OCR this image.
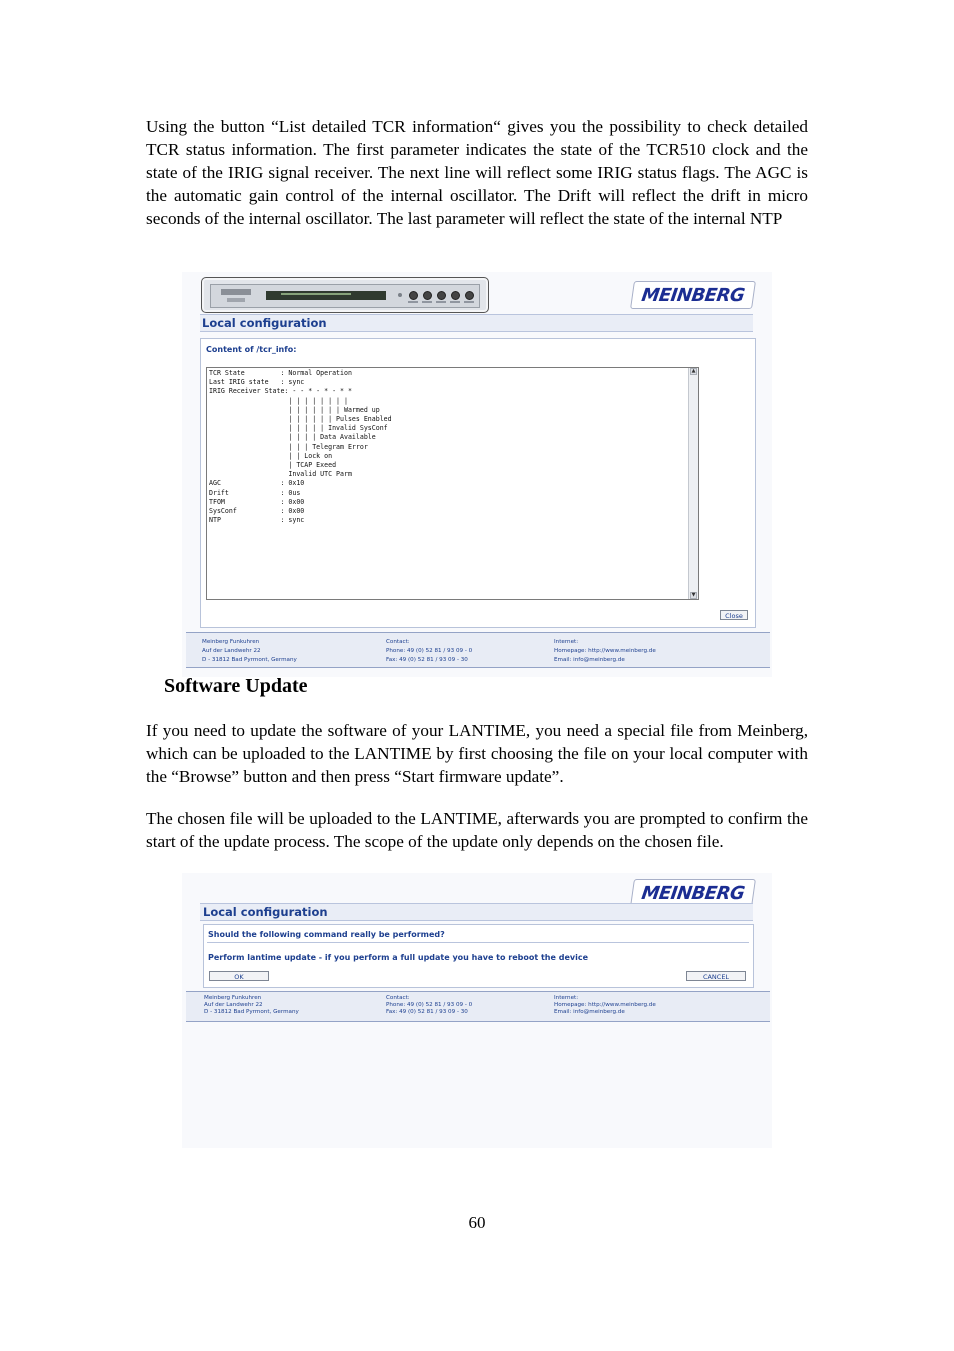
Using the button “List detailed TCR information“ gives you the possibility to check detailed TCR status information. The first parameter indicates the state of the TCR510 clock and the state of the IRIG signal receiver. The next line will reflect some IRIG status flags. The AGC is the automatic gain control of the internal oscillator. The Drift will reflect the drift in micro seconds of the internal oscillator. The last parameter will reflect the state of the internal NTP

MEINBERG
Local configuration
Content of /tcr_info:
TCR State         : Normal Operation
Last IRIG state   : sync
IRIG Receiver State: - - * - * - * *
| | | | | | | |
| | | | | | | Warmed up
| | | | | | Pulses Enabled
| | | | | Invalid SysConf
| | | | Data Available
| | | Telegram Error
| | Lock on
| TCAP Exeed
Invalid UTC Parm
AGC               : 0x10
Drift             : 0us
TFOM              : 0x00
SysConf           : 0x00
NTP               : sync
▲
▼
Close
Meinberg Funkuhren
Auf der Landwehr 22
D - 31812 Bad Pyrmont, Germany
Contact:
Phone: 49 (0) 52 81 / 93 09 - 0
Fax: 49 (0) 52 81 / 93 09 - 30
Internet:
Homepage: http://www.meinberg.de
Email: info@meinberg.de
Software Update

If you need to update the software of your LANTIME, you need a special file from Meinberg, which can be uploaded to the LANTIME by first choosing the file on your local computer with the “Browse” button and then press “Start firmware update”.

The chosen file will be uploaded to the LANTIME, afterwards you are prompted to confirm the start of the update process. The scope of the update only depends on the chosen file.

MEINBERG
Local configuration
Should the following command really be performed?
Perform lantime update - if you perform a full update you have to reboot the device
OK	CANCEL
Meinberg Funkuhren
Auf der Landwehr 22
D - 31812 Bad Pyrmont, Germany
Contact:
Phone: 49 (0) 52 81 / 93 09 - 0
Fax: 49 (0) 52 81 / 93 09 - 30
Internet:
Homepage: http://www.meinberg.de
Email: info@meinberg.de
60
